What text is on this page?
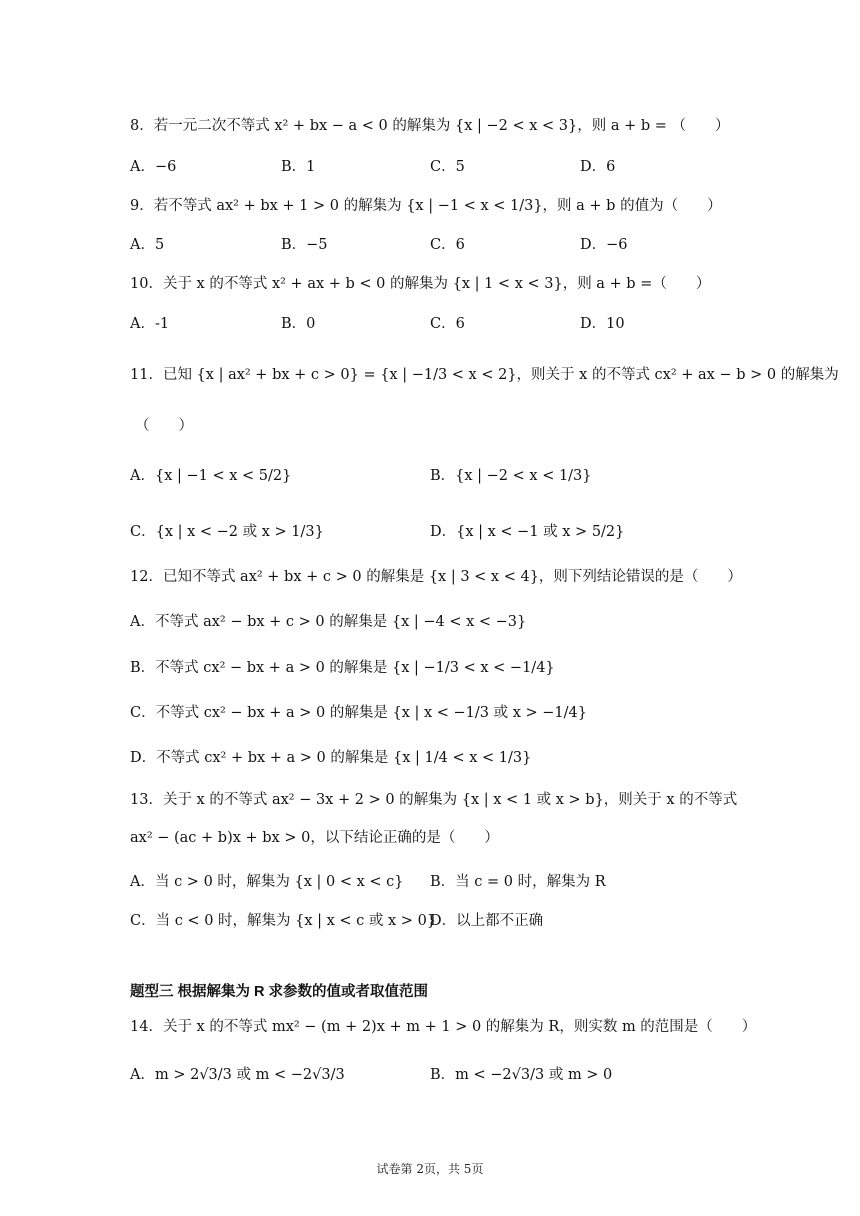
8．若一元二次不等式 x² + bx − a < 0 的解集为 {x | −2 < x < 3}，则 a + b = （　　）
A．−6	B．1	C．5	D．6
9．若不等式 ax² + bx + 1 > 0 的解集为 {x | −1 < x < 1/3}，则 a + b 的值为（　　）
A．5	B．−5	C．6	D．−6
10．关于 x 的不等式 x² + ax + b < 0 的解集为 {x | 1 < x < 3}，则 a + b =（　　）
A．-1	B．0	C．6	D．10
11．已知 {x | ax² + bx + c > 0} = {x | −1/3 < x < 2}，则关于 x 的不等式 cx² + ax − b > 0 的解集为
（　　）
A．{x | −1 < x < 5/2}	B．{x | −2 < x < 1/3}
C．{x | x < −2 或 x > 1/3}	D．{x | x < −1 或 x > 5/2}
12．已知不等式 ax² + bx + c > 0 的解集是 {x | 3 < x < 4}，则下列结论错误的是（　　）
A．不等式 ax² − bx + c > 0 的解集是 {x | −4 < x < −3}
B．不等式 cx² − bx + a > 0 的解集是 {x | −1/3 < x < −1/4}
C．不等式 cx² − bx + a > 0 的解集是 {x | x < −1/3 或 x > −1/4}
D．不等式 cx² + bx + a > 0 的解集是 {x | 1/4 < x < 1/3}
13．关于 x 的不等式 ax² − 3x + 2 > 0 的解集为 {x | x < 1 或 x > b}，则关于 x 的不等式
ax² − (ac + b)x + bx > 0，以下结论正确的是（　　）
A．当 c > 0 时，解集为 {x | 0 < x < c} B．当 c = 0 时，解集为 R
C．当 c < 0 时，解集为 {x | x < c 或 x > 0}
D．以上都不正确
题型三 根据解集为 R 求参数的值或者取值范围
14．关于 x 的不等式 mx² − (m + 2)x + m + 1 > 0 的解集为 R，则实数 m 的范围是（　　）
A．m > 2√3/3 或 m < −2√3/3	B．m < −2√3/3 或 m > 0
试卷第 2页，共 5页
